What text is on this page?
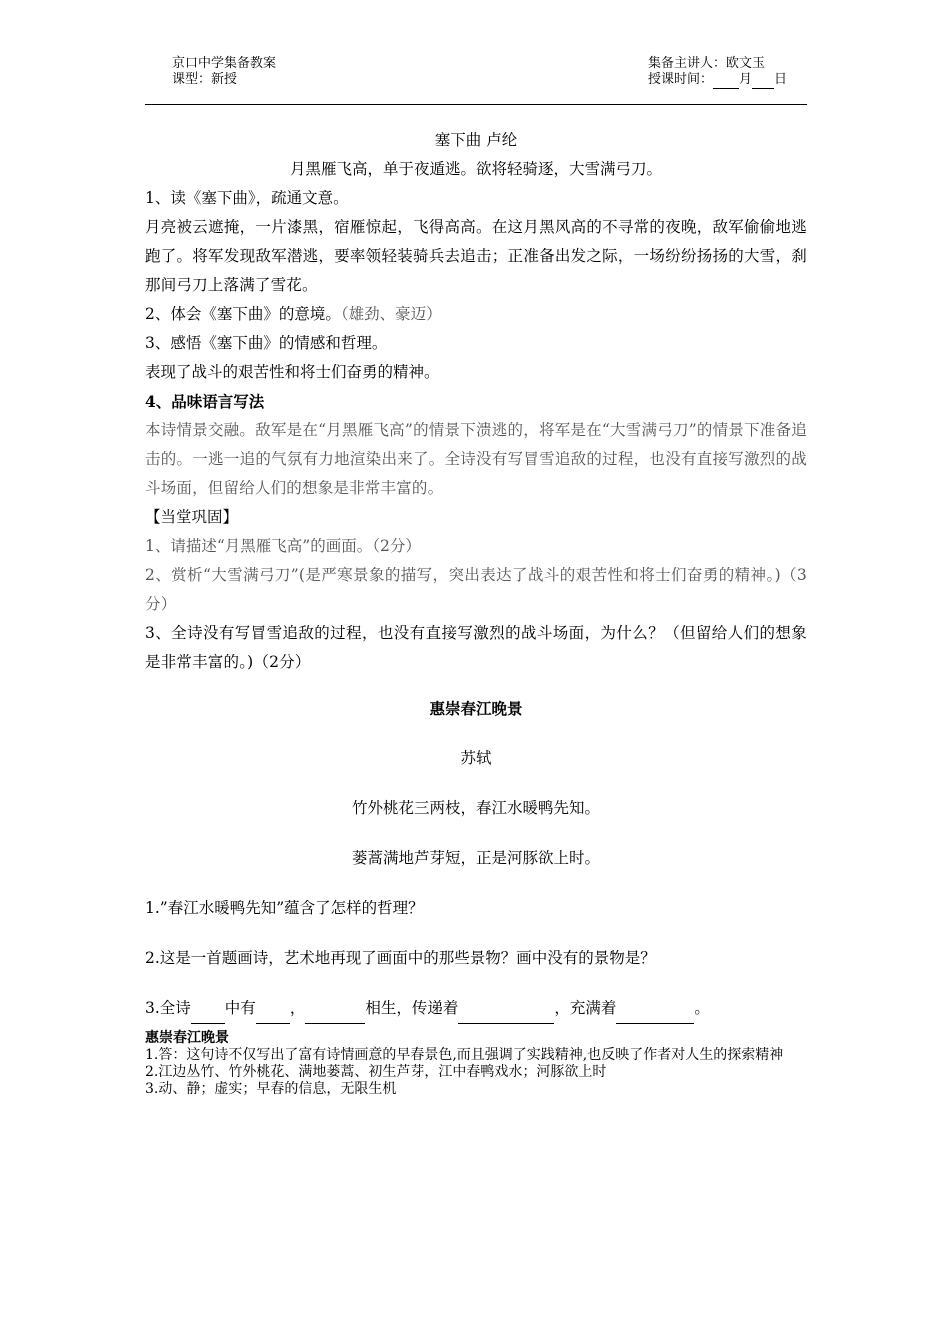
京口中学集备教案
课型：新授
集备主讲人：欧文玉
授课时间： 月 日

塞下曲 卢纶

月黑雁飞高，单于夜遁逃。欲将轻骑逐，大雪满弓刀。

1、读《塞下曲》，疏通文意。

月亮被云遮掩，一片漆黑，宿雁惊起，飞得高高。在这月黑风高的不寻常的夜晚，敌军偷偷地逃跑了。将军发现敌军潜逃，要率领轻装骑兵去追击；正准备出发之际，一场纷纷扬扬的大雪，刹那间弓刀上落满了雪花。

2、体会《塞下曲》的意境。（雄劲、豪迈）

3、感悟《塞下曲》的情感和哲理。

表现了战斗的艰苦性和将士们奋勇的精神。

4、品味语言写法

本诗情景交融。敌军是在“月黑雁飞高”的情景下溃逃的，将军是在“大雪满弓刀”的情景下准备追击的。一逃一追的气氛有力地渲染出来了。全诗没有写冒雪追敌的过程，也没有直接写激烈的战斗场面，但留给人们的想象是非常丰富的。

【当堂巩固】

1、请描述“月黑雁飞高”的画面。（2分）

2、赏析“大雪满弓刀”(是严寒景象的描写，突出表达了战斗的艰苦性和将士们奋勇的精神。)（3分）

3、全诗没有写冒雪追敌的过程，也没有直接写激烈的战斗场面，为什么？（但留给人们的想象是非常丰富的。)（2分）

惠崇春江晚景

苏轼

竹外桃花三两枝，春江水暖鸭先知。

蒌蒿满地芦芽短，正是河豚欲上时。

1.”春江水暖鸭先知”蕴含了怎样的哲理？

2.这是一首题画诗，艺术地再现了画面中的那些景物？画中没有的景物是？

3.全诗 中有 ，	相生，传递着	，充满着	。

惠崇春江晚景

1.答：这句诗不仅写出了富有诗情画意的早春景色,而且强调了实践精神,也反映了作者对人生的探索精神

2.江边丛竹、竹外桃花、满地蒌蒿、初生芦芽，江中春鸭戏水；河豚欲上时

3.动、静；虚实；早春的信息，无限生机
